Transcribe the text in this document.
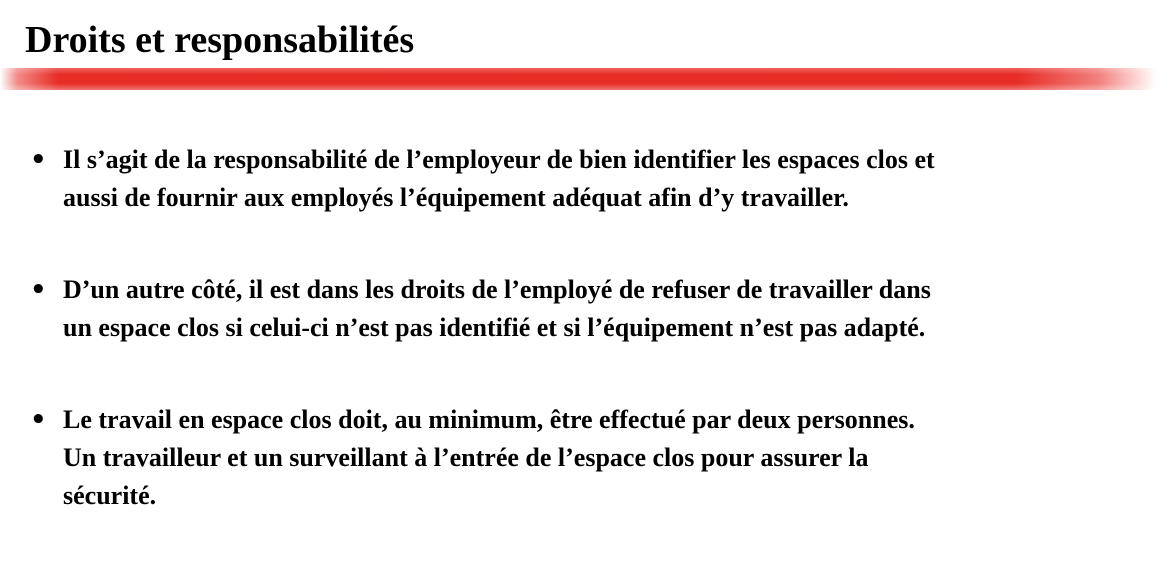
Droits et responsabilités
• Il s’agit de la responsabilité de l’employeur de bien identifier les espaces clos et
aussi de fournir aux employés l’équipement adéquat afin d’y travailler.
• D’un autre côté, il est dans les droits de l’employé de refuser de travailler dans
un espace clos si celui-ci n’est pas identifié et si l’équipement n’est pas adapté.
• Le travail en espace clos doit, au minimum, être effectué par deux personnes.
Un travailleur et un surveillant à l’entrée de l’espace clos pour assurer la
sécurité.
